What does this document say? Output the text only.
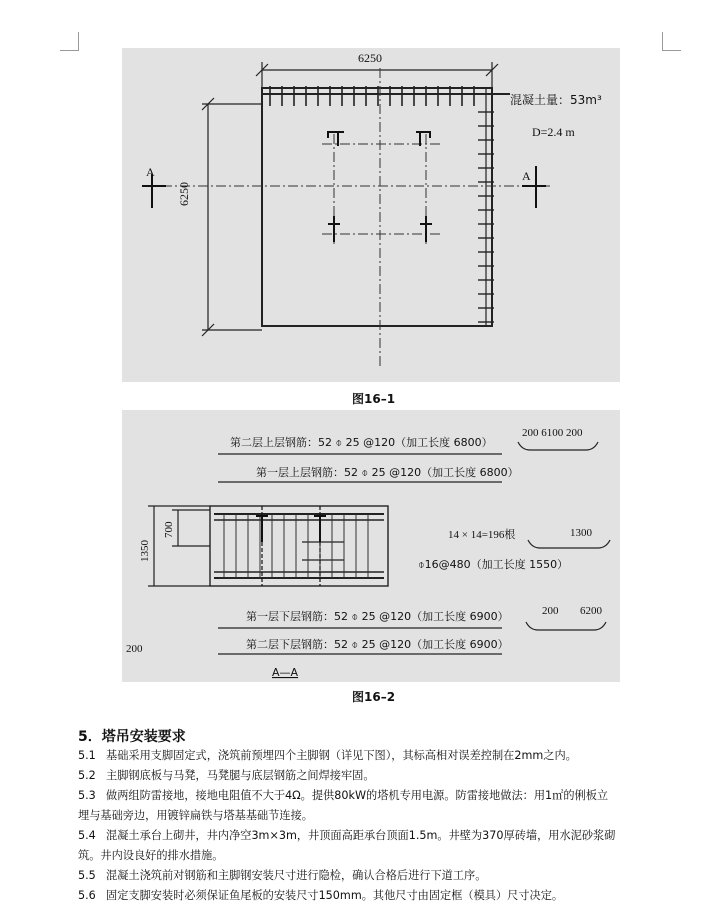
6250
6250
混凝土量：53m³
D=2.4 m
A	A
图16–1
第二层上层钢筋：52 ⌽ 25 @120（加工长度 6800）
第一层上层钢筋：52 ⌽ 25 @120（加工长度 6800）
第一层下层钢筋：52 ⌽ 25 @120（加工长度 6900）
第二层下层钢筋：52 ⌽ 25 @120（加工长度 6900）
200 6100 200
14 × 14=196根	1300
⌽16@480（加工长度 1550）
200 6200
1350
700
200
A—A
图16–2
5．塔吊安装要求
5.1 基础采用支脚固定式，浇筑前预埋四个主脚钢（详见下图），其标高相对误差控制在2mm之内。
5.2 主脚钢底板与马凳，马凳腿与底层钢筋之间焊接牢固。
5.3 做两组防雷接地，接地电阻值不大于4Ω。提供80kW的塔机专用电源。防雷接地做法：用1㎡的俐板立
埋与基础旁边，用镀锌扁铁与塔基基础节连接。
5.4 混凝土承台上砌井，井内净空3m×3m，井顶面高距承台顶面1.5m。井壁为370厚砖墙，用水泥砂浆砌
筑。井内设良好的排水措施。
5.5 混凝土浇筑前对钢筋和主脚钢安装尺寸进行隐检，确认合格后进行下道工序。
5.6 固定支脚安装时必须保证鱼尾板的安装尺寸150mm。其他尺寸由固定框（模具）尺寸决定。
